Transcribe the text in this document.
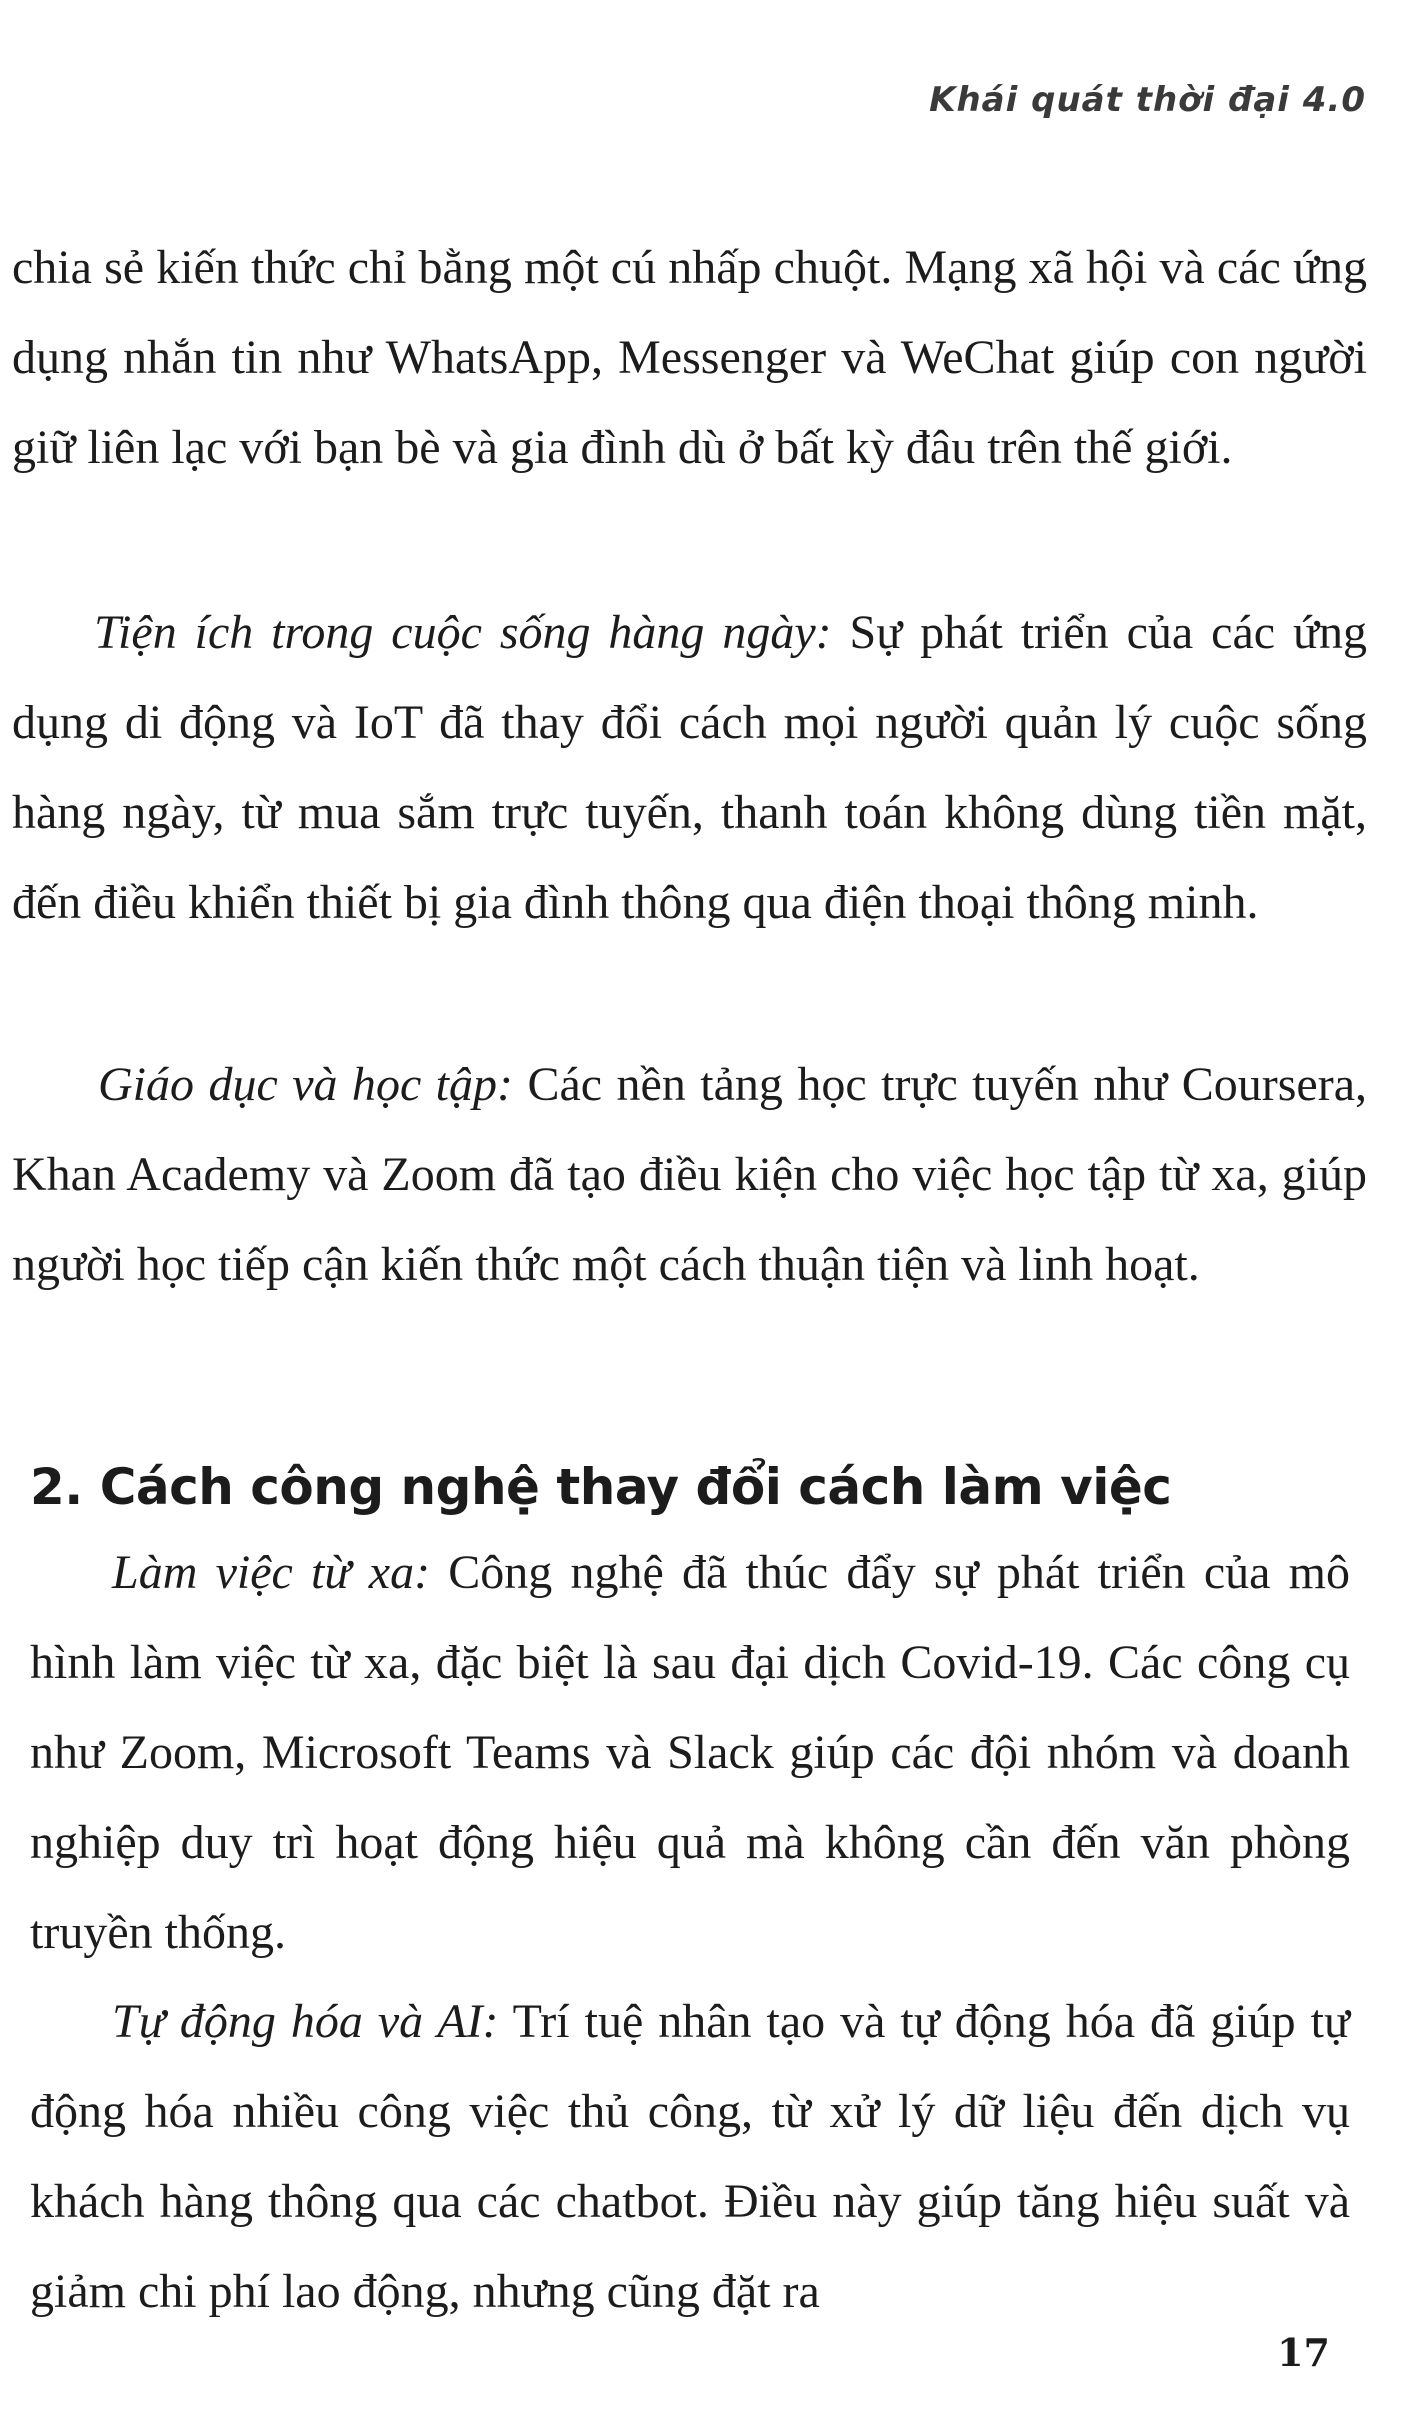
Khái quát thời đại 4.0

chia sẻ kiến thức chỉ bằng một cú nhấp chuột. Mạng xã hội và các ứng dụng nhắn tin như WhatsApp, Messenger và WeChat giúp con người giữ liên lạc với bạn bè và gia đình dù ở bất kỳ đâu trên thế giới.

Tiện ích trong cuộc sống hàng ngày: Sự phát triển của các ứng dụng di động và IoT đã thay đổi cách mọi người quản lý cuộc sống hàng ngày, từ mua sắm trực tuyến, thanh toán không dùng tiền mặt, đến điều khiển thiết bị gia đình thông qua điện thoại thông minh.

Giáo dục và học tập: Các nền tảng học trực tuyến như Coursera, Khan Academy và Zoom đã tạo điều kiện cho việc học tập từ xa, giúp người học tiếp cận kiến thức một cách thuận tiện và linh hoạt.

2. Cách công nghệ thay đổi cách làm việc

Làm việc từ xa: Công nghệ đã thúc đẩy sự phát triển của mô hình làm việc từ xa, đặc biệt là sau đại dịch Covid-19. Các công cụ như Zoom, Microsoft Teams và Slack giúp các đội nhóm và doanh nghiệp duy trì hoạt động hiệu quả mà không cần đến văn phòng truyền thống.

Tự động hóa và AI: Trí tuệ nhân tạo và tự động hóa đã giúp tự động hóa nhiều công việc thủ công, từ xử lý dữ liệu đến dịch vụ khách hàng thông qua các chatbot. Điều này giúp tăng hiệu suất và giảm chi phí lao động, nhưng cũng đặt ra

17
